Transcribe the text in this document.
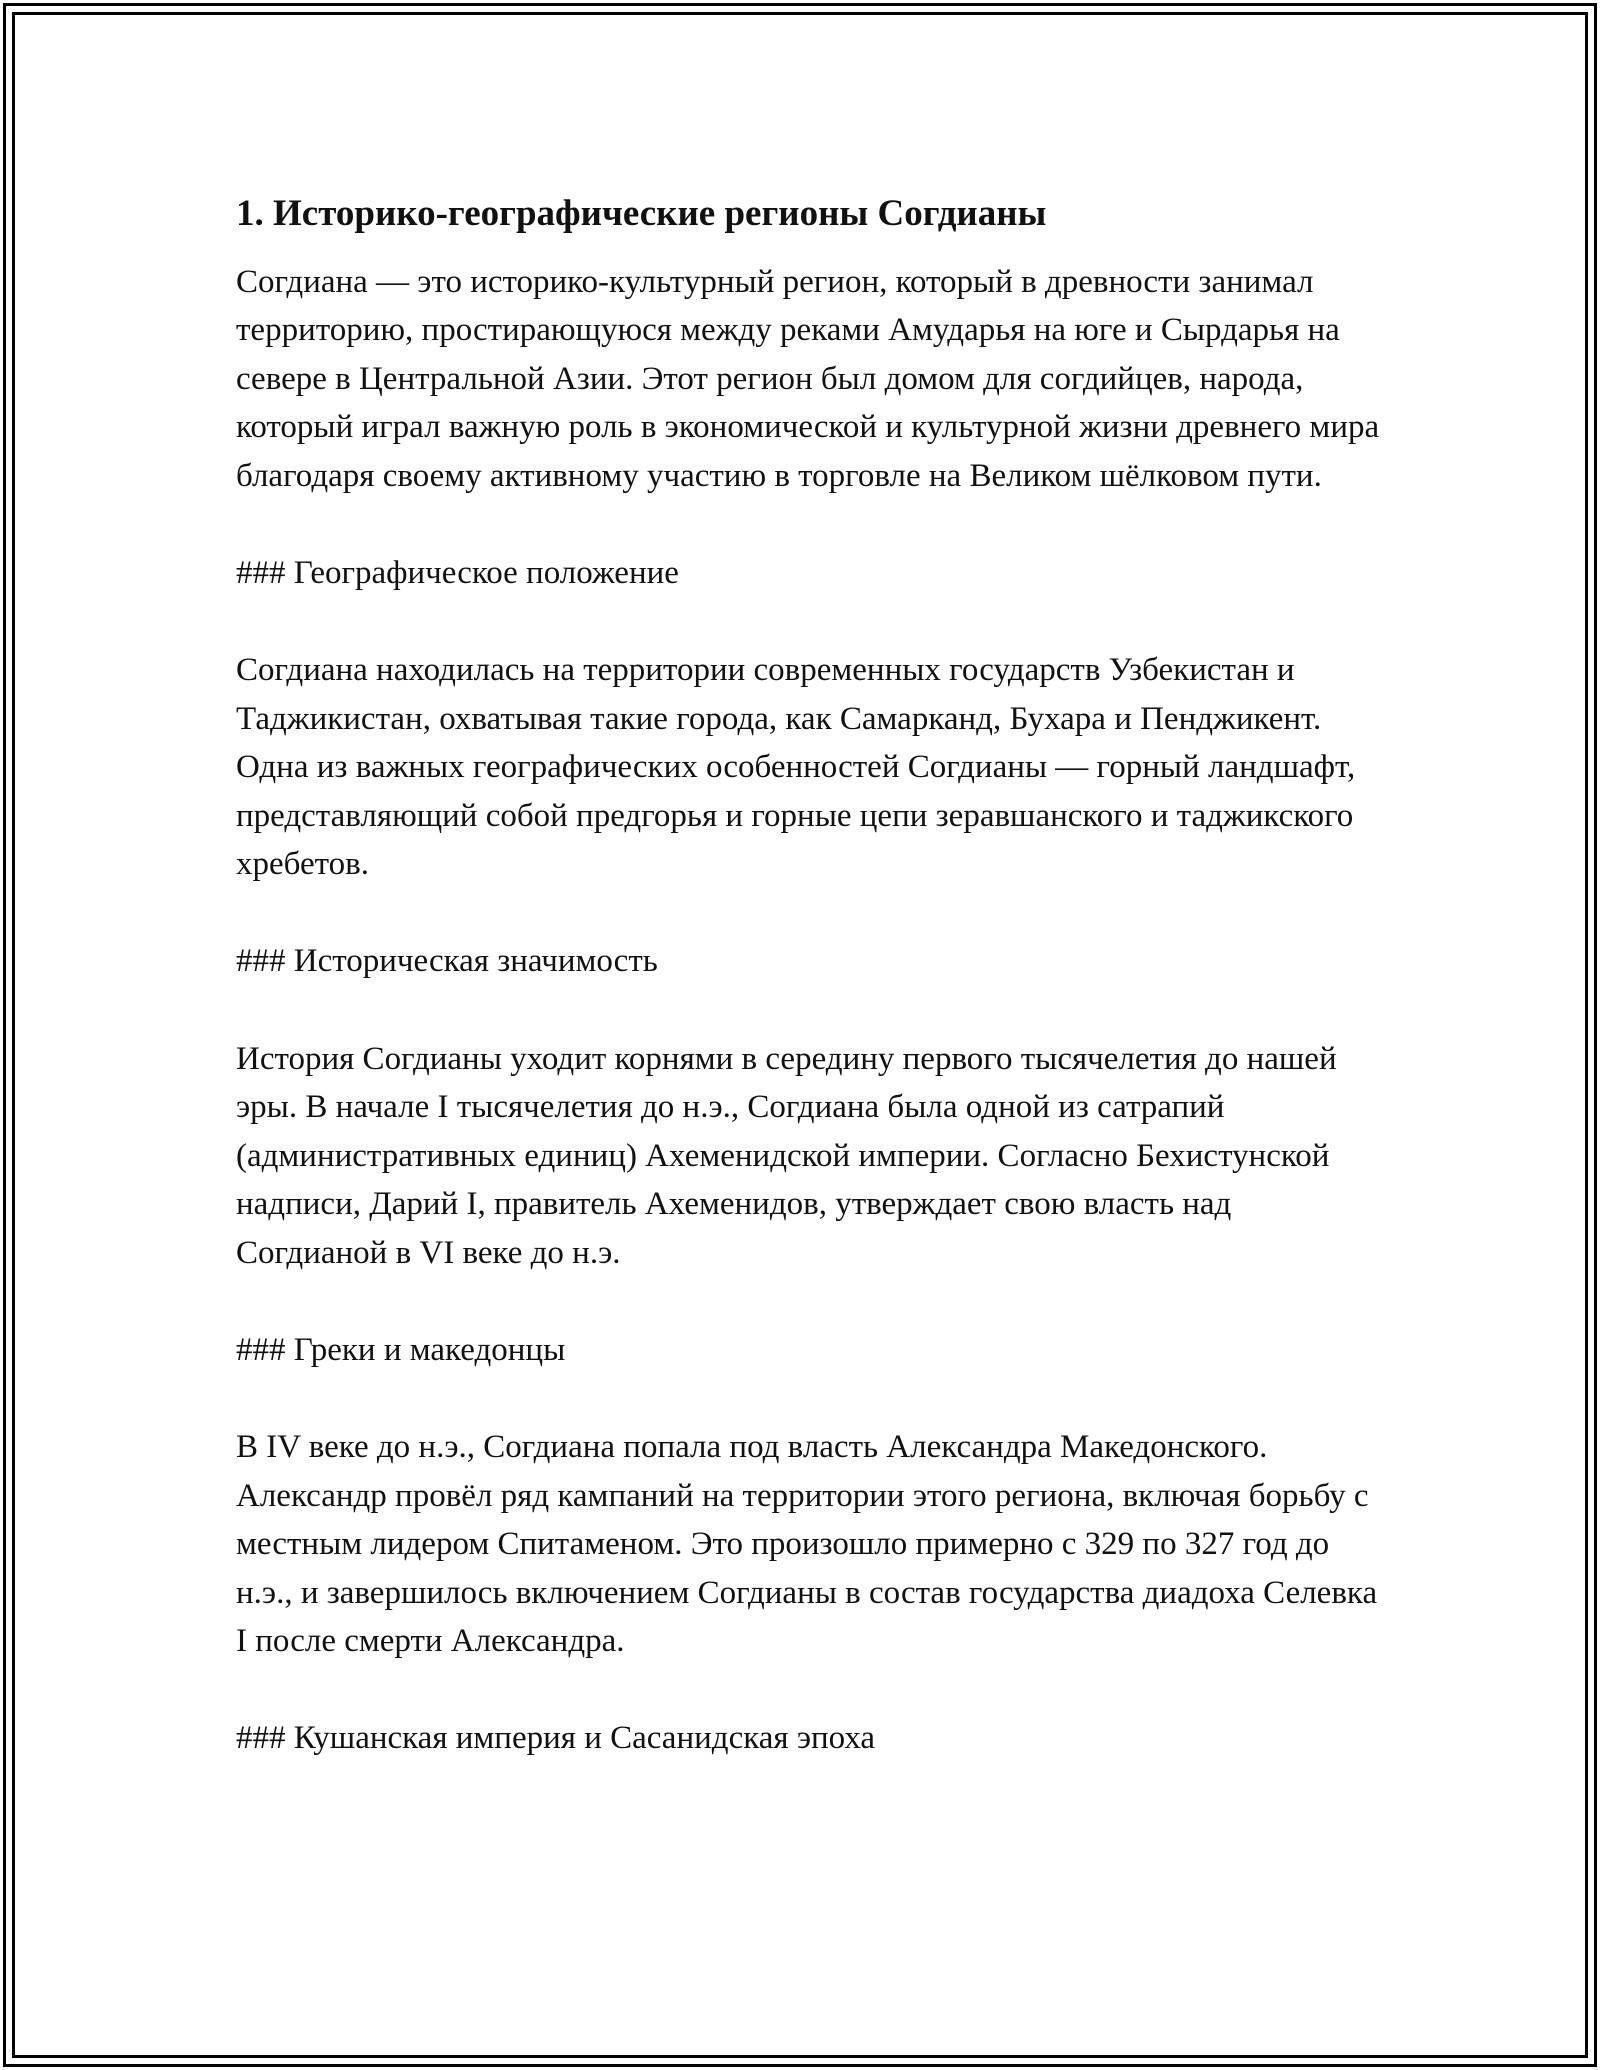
1. Историко-географические регионы Согдианы
Согдиана — это историко-культурный регион, который в древности занимал территорию, простирающуюся между реками Амударья на юге и Сырдарья на севере в Центральной Азии. Этот регион был домом для согдийцев, народа, который играл важную роль в экономической и культурной жизни древнего мира благодаря своему активному участию в торговле на Великом шёлковом пути.
### Географическое положение
Согдиана находилась на территории современных государств Узбекистан и Таджикистан, охватывая такие города, как Самарканд, Бухара и Пенджикент. Одна из важных географических особенностей Согдианы — горный ландшафт, представляющий собой предгорья и горные цепи зеравшанского и таджикского хребетов.
### Историческая значимость
История Согдианы уходит корнями в середину первого тысячелетия до нашей эры. В начале I тысячелетия до н.э., Согдиана была одной из сатрапий (административных единиц) Ахеменидской империи. Согласно Бехистунской надписи, Дарий I, правитель Ахеменидов, утверждает свою власть над Согдианой в VI веке до н.э.
### Греки и македонцы
В IV веке до н.э., Согдиана попала под власть Александра Македонского. Александр провёл ряд кампаний на территории этого региона, включая борьбу с местным лидером Спитаменом. Это произошло примерно с 329 по 327 год до н.э., и завершилось включением Согдианы в состав государства диадоха Селевка I после смерти Александра.
### Кушанская империя и Сасанидская эпоха
